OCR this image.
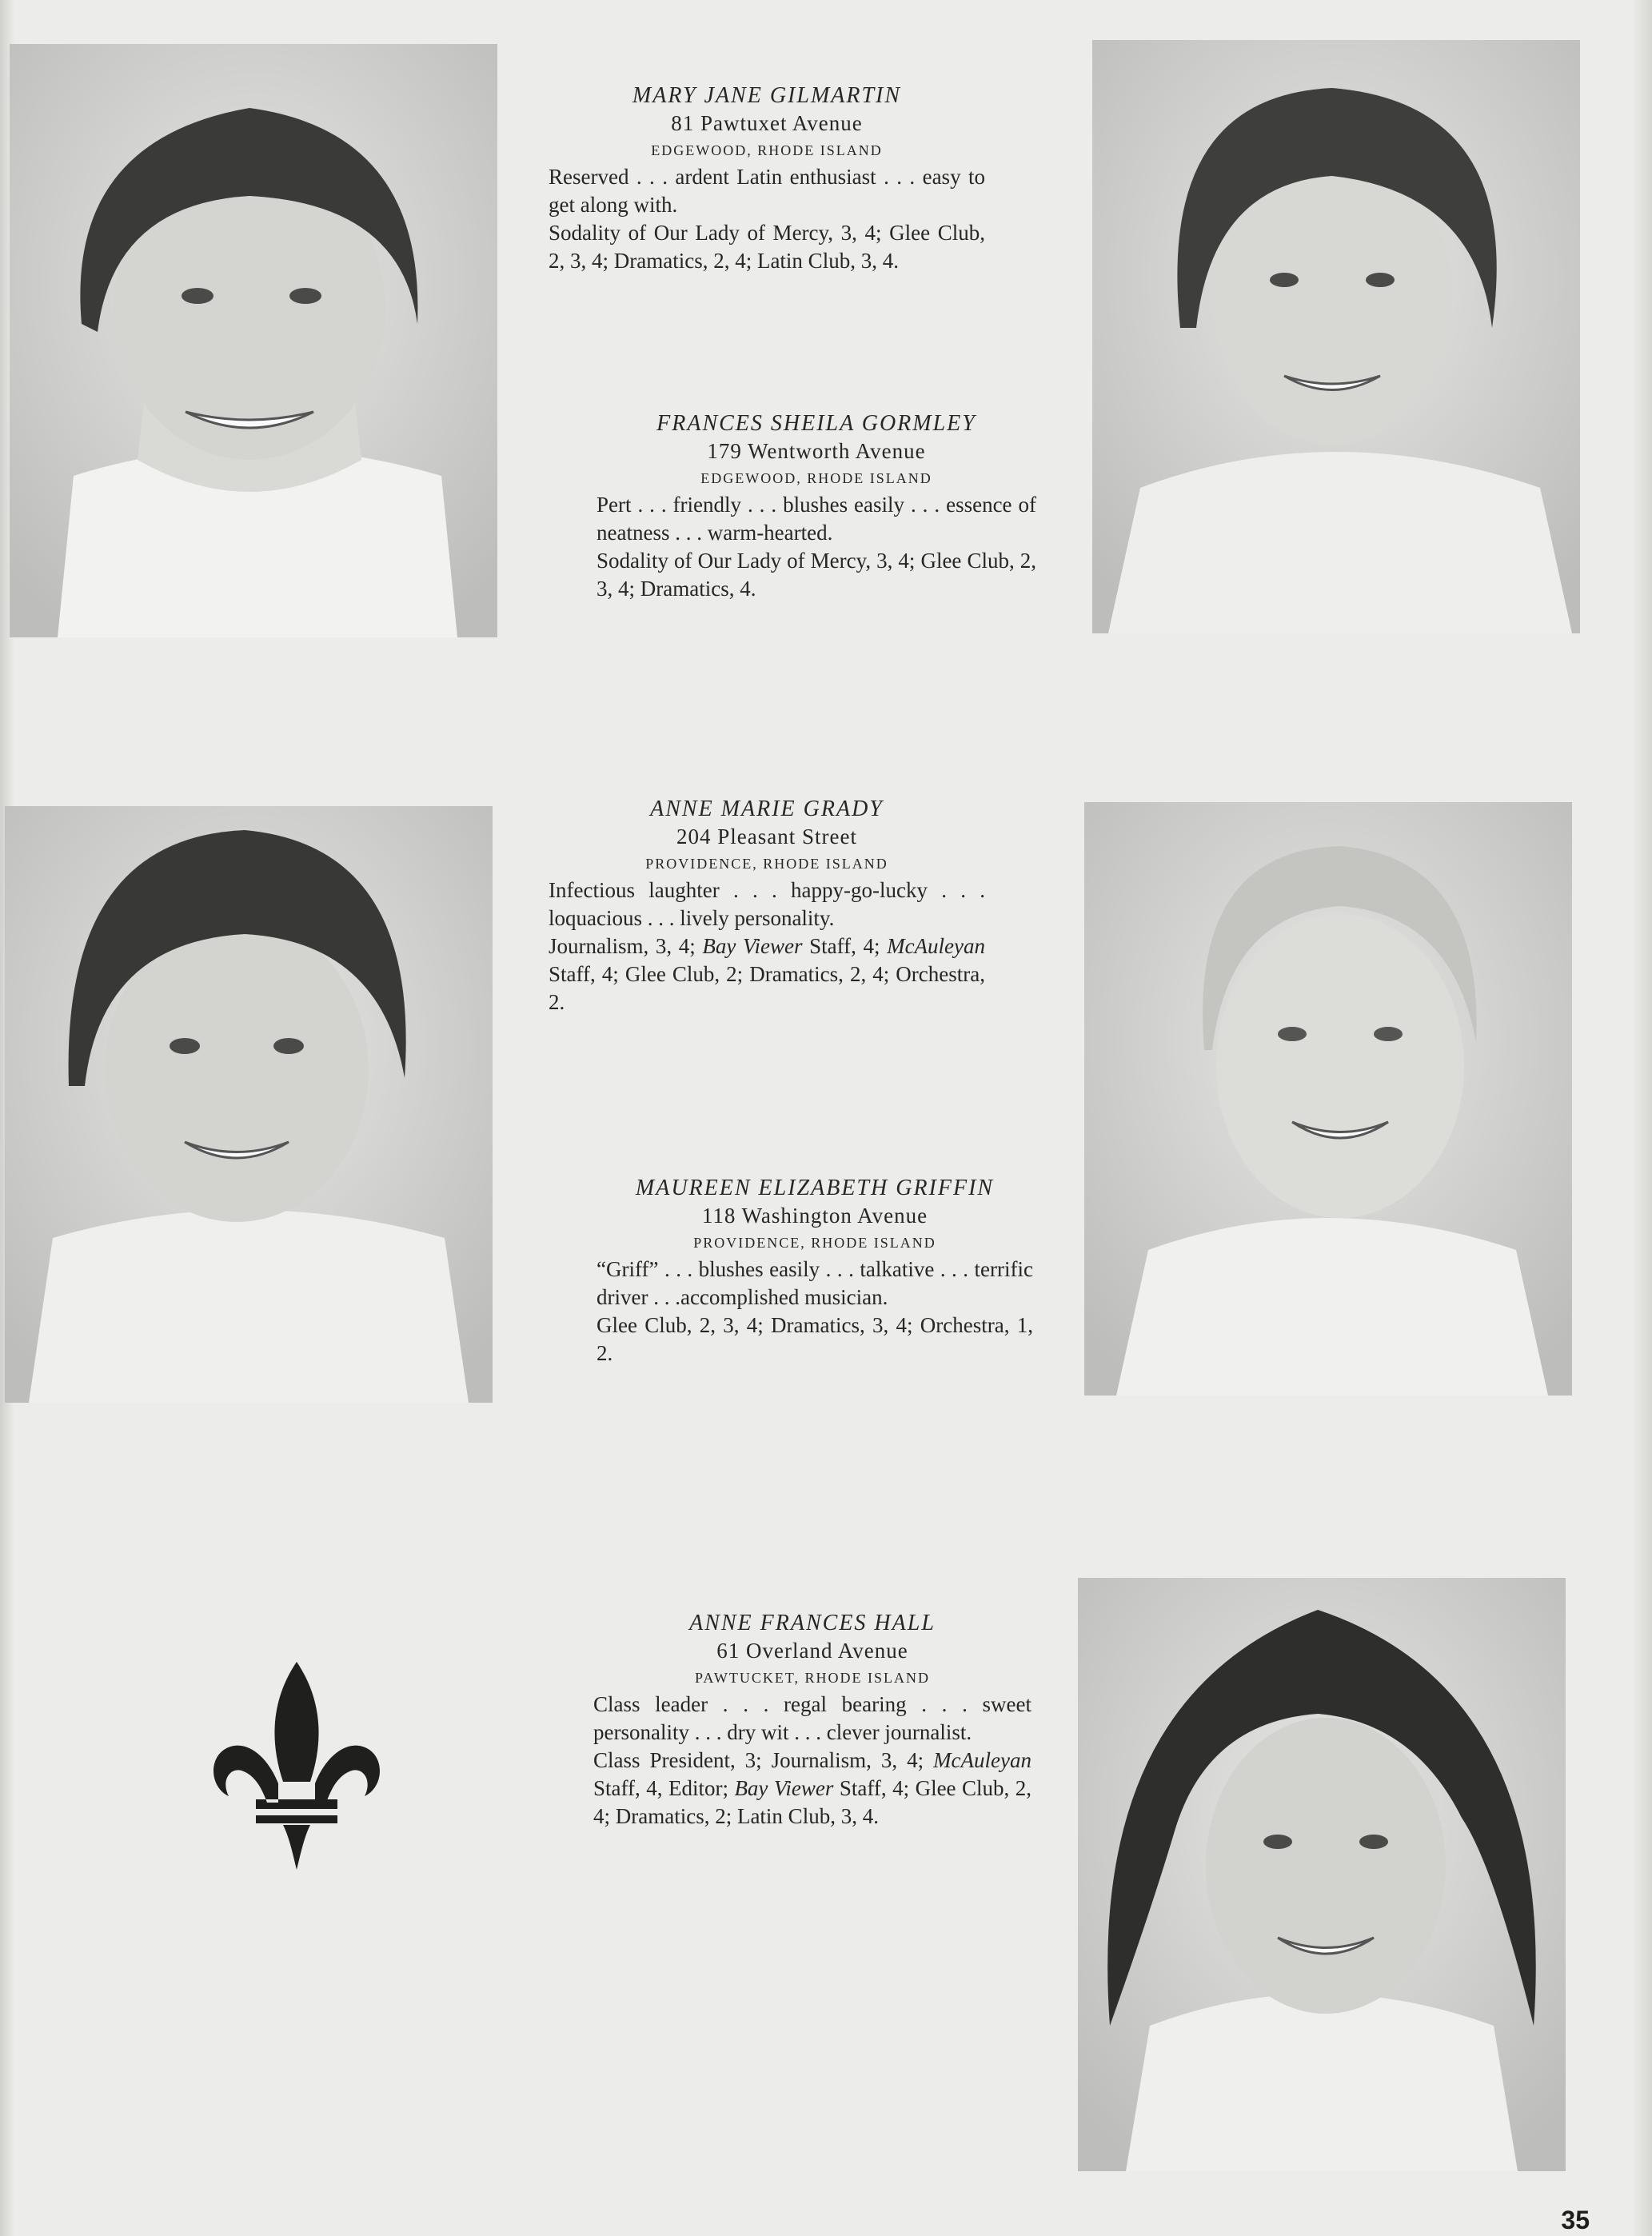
MARY JANE GILMARTIN
81 Pawtuxet Avenue
EDGEWOOD, RHODE ISLAND
Reserved . . . ardent Latin enthusiast . . . easy to get along with.
Sodality of Our Lady of Mercy, 3, 4; Glee Club, 2, 3, 4; Dramatics, 2, 4; Latin Club, 3, 4.
FRANCES SHEILA GORMLEY
179 Wentworth Avenue
EDGEWOOD, RHODE ISLAND
Pert . . . friendly . . . blushes easily . . . essence of neatness . . . warm-hearted.
Sodality of Our Lady of Mercy, 3, 4; Glee Club, 2, 3, 4; Dramatics, 4.
ANNE MARIE GRADY
204 Pleasant Street
PROVIDENCE, RHODE ISLAND
Infectious laughter . . . happy-go-lucky . . . loquacious . . . lively personality.
Journalism, 3, 4; Bay Viewer Staff, 4; McAuleyan Staff, 4; Glee Club, 2; Dramatics, 2, 4; Orchestra, 2.
MAUREEN ELIZABETH GRIFFIN
118 Washington Avenue
PROVIDENCE, RHODE ISLAND
“Griff” . . . blushes easily . . . talkative . . . terrific driver . . .accomplished musician.
Glee Club, 2, 3, 4; Dramatics, 3, 4; Orchestra, 1, 2.
ANNE FRANCES HALL
61 Overland Avenue
PAWTUCKET, RHODE ISLAND
Class leader . . . regal bearing . . . sweet personality . . . dry wit . . . clever journalist.
Class President, 3; Journalism, 3, 4; McAuleyan Staff, 4, Editor; Bay Viewer Staff, 4; Glee Club, 2, 4; Dramatics, 2; Latin Club, 3, 4.
35
